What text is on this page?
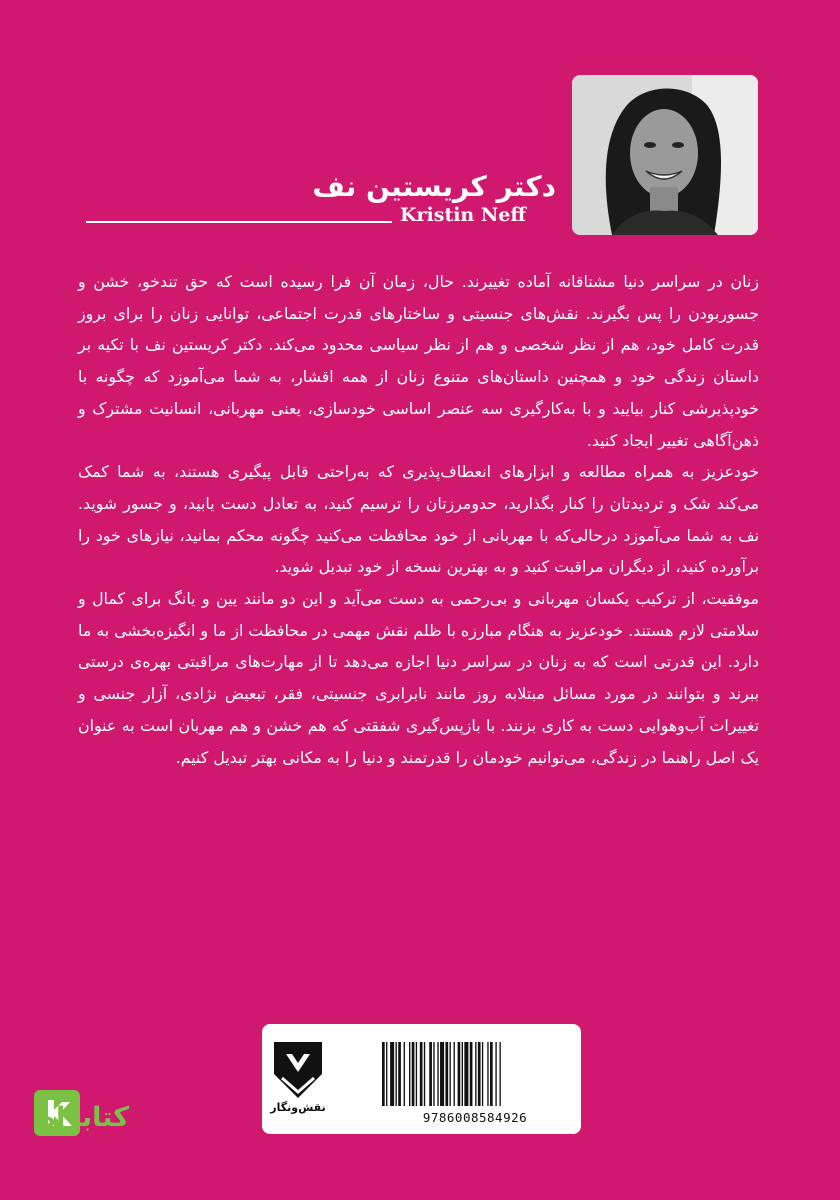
دکتر کریستین نف
Kristin Neff

زنان در سراسر دنیا مشتاقانه آماده تغییرند. حال، زمان آن فرا رسیده است که حق تندخو، خشن و جسوربودن را پس بگیرند. نقش‌های جنسیتی و ساختارهای قدرت اجتماعی، توانایی زنان را برای بروز قدرت کامل خود، هم از نظر شخصی و هم از نظر سیاسی محدود می‌کند. دکتر کریستین نف با تکیه بر داستان زندگی خود و همچنین داستان‌های متنوع زنان از همه اقشار، به شما می‌آموزد که چگونه با خودپذیرشی کنار بیایید و با به‌کارگیری سه عنصر اساسی خودسازی، یعنی مهربانی، انسانیت مشترک و ذهن‌آگاهی تغییر ایجاد کنید.

خودعزیز به همراه مطالعه و ابزارهای انعطاف‌پذیری که به‌راحتی قابل پیگیری هستند، به شما کمک می‌کند شک و تردیدتان را کنار بگذارید، حدومرزتان را ترسیم کنید، به تعادل دست یابید، و جسور شوید. نف به شما می‌آموزد درحالی‌که با مهربانی از خود محافظت می‌کنید چگونه محکم بمانید، نیازهای خود را برآورده کنید، از دیگران مراقبت کنید و به بهترین نسخه از خود تبدیل شوید.

موفقیت، از ترکیب یکسان مهربانی و بی‌رحمی به دست می‌آید و این دو مانند یین و یانگ برای کمال و سلامتی لازم هستند. خودعزیز به هنگام مبارزه با ظلم نقش مهمی در محافظت از ما و انگیزه‌بخشی به ما دارد. این قدرتی است که به زنان در سراسر دنیا اجازه می‌دهد تا از مهارت‌های مراقبتی بهره‌ی درستی ببرند و بتوانند در مورد مسائل مبتلابه روز مانند نابرابری جنسیتی، فقر، تبعیض نژادی، آزار جنسی و تغییرات آب‌وهوایی دست به کاری بزنند. با بازپس‌گیری شفقتی که هم خشن و هم مهربان است به عنوان یک اصل راهنما در زندگی، می‌توانیم خودمان را قدرتمند و دنیا را به مکانی بهتر تبدیل کنیم.

نقش‌ونگار
9786008584926
کتابراه
